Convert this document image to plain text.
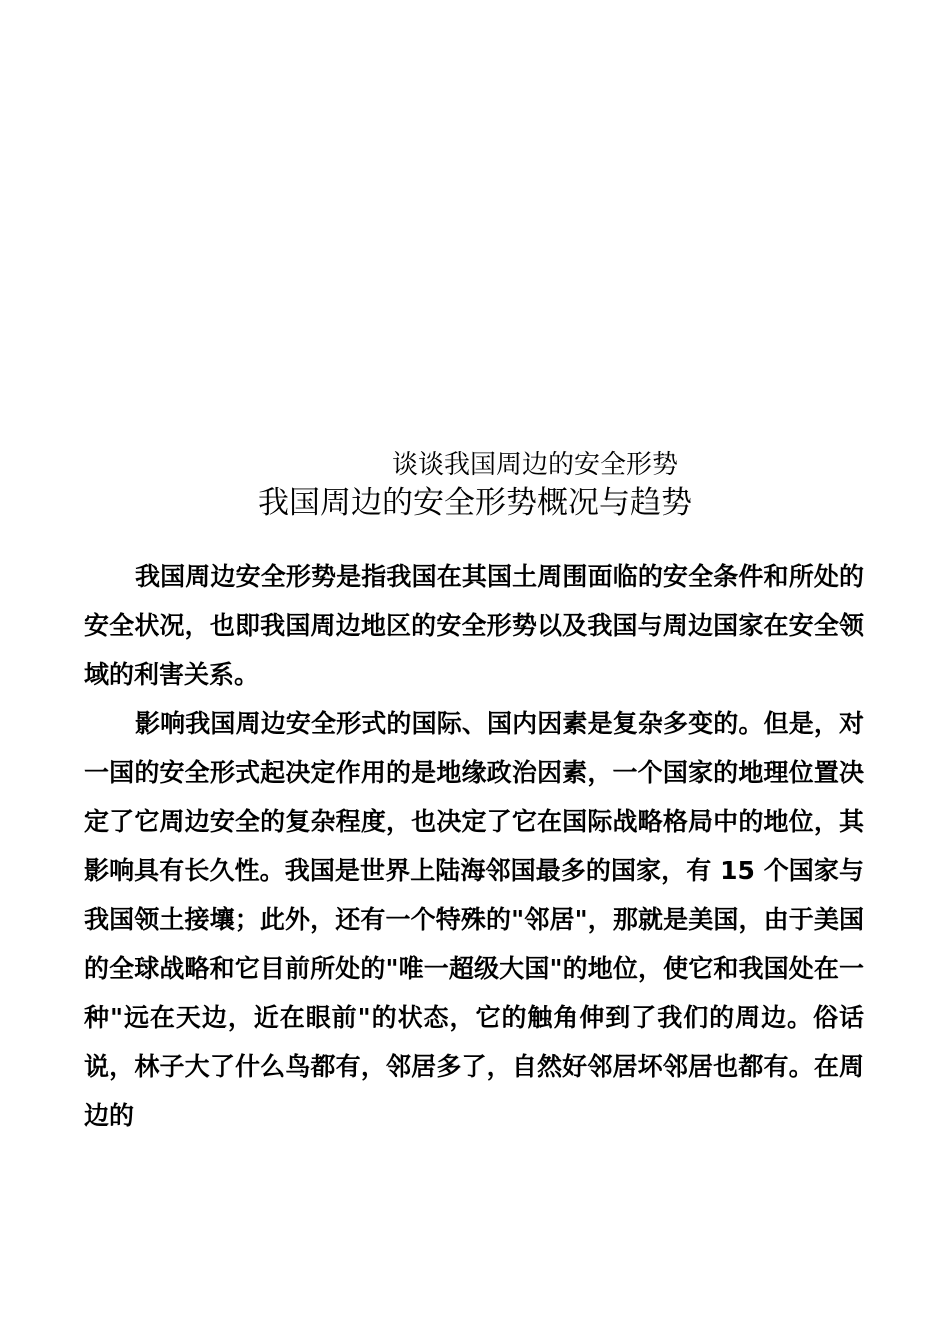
谈谈我国周边的安全形势
我国周边的安全形势概况与趋势

我国周边安全形势是指我国在其国土周围面临的安全条件和所处的安全状况，也即我国周边地区的安全形势以及我国与周边国家在安全领域的利害关系。

影响我国周边安全形式的国际、国内因素是复杂多变的。但是，对一国的安全形式起决定作用的是地缘政治因素，一个国家的地理位置决定了它周边安全的复杂程度，也决定了它在国际战略格局中的地位，其影响具有长久性。我国是世界上陆海邻国最多的国家，有 15 个国家与我国领土接壤；此外，还有一个特殊的"邻居"，那就是美国，由于美国的全球战略和它目前所处的"唯一超级大国"的地位，使它和我国处在一种"远在天边，近在眼前"的状态，它的触角伸到了我们的周边。俗话说，林子大了什么鸟都有，邻居多了，自然好邻居坏邻居也都有。在周边的
